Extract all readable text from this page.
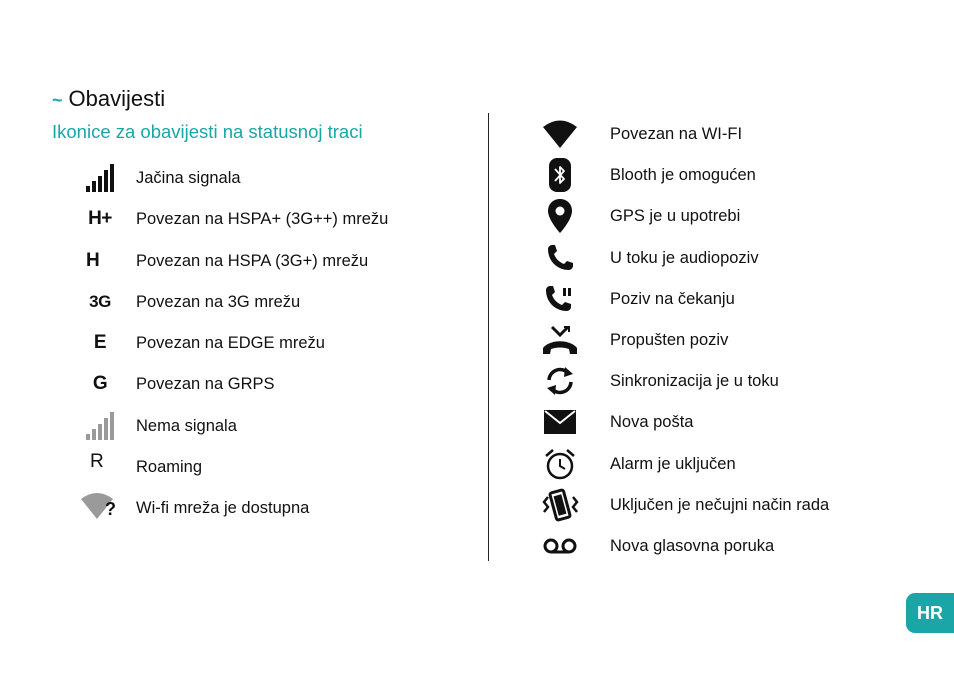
~ Obavijesti
Ikonice za obavijesti na statusnoj traci
Jačina signala
H+ Povezan na HSPA+ (3G++) mrežu
H Povezan na HSPA (3G+) mrežu
3G Povezan na 3G mrežu
E Povezan na EDGE mrežu
G Povezan na GRPS
Nema signala
R Roaming
? Wi-fi mreža je dostupna
Povezan na WI-FI
Blooth je omogućen
GPS je u upotrebi
U toku je audiopoziv
Poziv na čekanju
Propušten poziv
Sinkronizacija je u toku
Nova pošta
Alarm je uključen
Uključen je nečujni način rada
Nova glasovna poruka
HR
